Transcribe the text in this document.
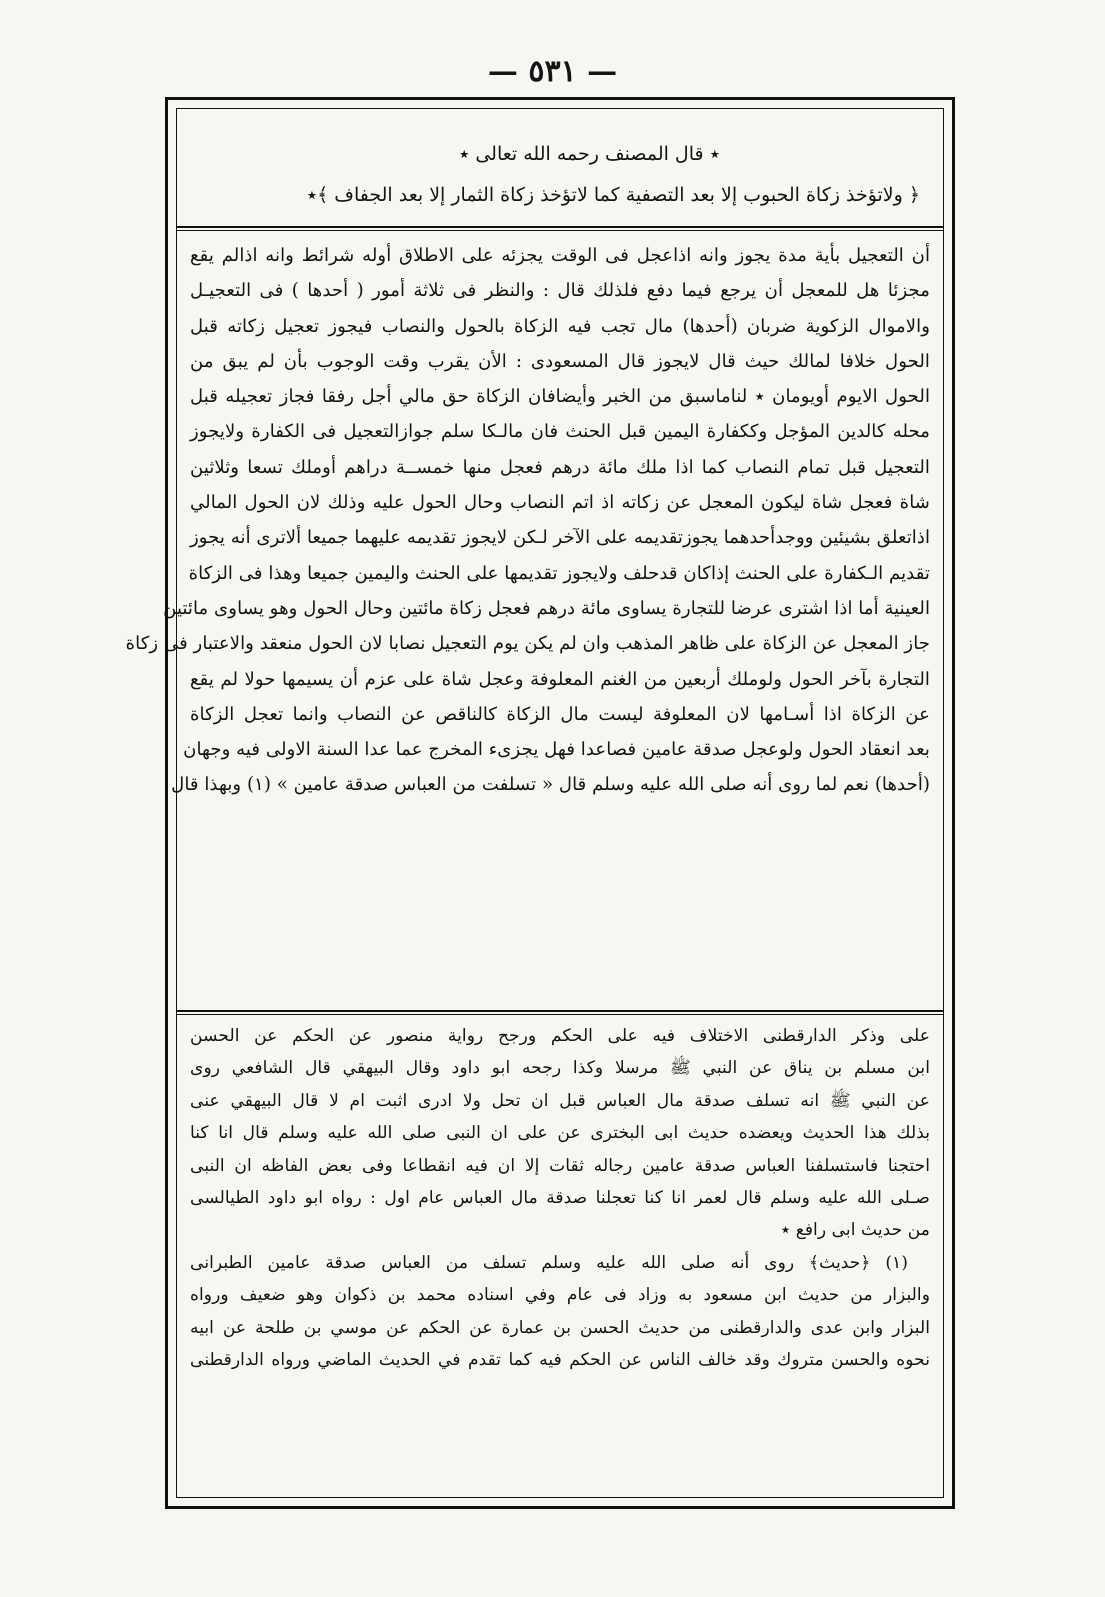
— ٥٣١ —
٭ قال المصنف رحمه الله تعالى ٭
﴿ ولاتؤخذ زكاة الحبوب إلا بعد التصفية كما لاتؤخذ زكاة الثمار إلا بعد الجفاف ﴾٭
أن التعجيل بأية مدة يجوز وانه اذاعجل فى الوقت يجزئه على الاطلاق أوله شرائط وانه اذالم يقع
مجزئا هل للمعجل أن يرجع فيما دفع فلذلك قال : والنظر فى ثلاثة أمور ( أحدها ) فى التعجيـل
والاموال الزكوية ضربان (أحدها) مال تجب فيه الزكاة بالحول والنصاب فيجوز تعجيل زكاته قبل
الحول خلافا لمالك حيث قال لايجوز قال المسعودى : الأن يقرب وقت الوجوب بأن لم يبق من
الحول الايوم أويومان ٭ لناماسبق من الخبر وأيضافان الزكاة حق مالي أجل رفقا فجاز تعجيله قبل
محله كالدين المؤجل وككفارة اليمين قبل الحنث فان مالـكا سلم جوازالتعجيل فى الكفارة ولايجوز
التعجيل قبل تمام النصاب كما اذا ملك مائة درهم فعجل منها خمســة دراهم أوملك تسعا وثلاثين
شاة فعجل شاة ليكون المعجل عن زكاته اذ اتم النصاب وحال الحول عليه وذلك لان الحول المالي
اذاتعلق بشيئين ووجدأحدهما يجوزتقديمه على الآخر لـكن لايجوز تقديمه عليهما جميعا ألاترى أنه يجوز
تقديم الـكفارة على الحنث إذاكان قدحلف ولايجوز تقديمها على الحنث واليمين جميعا وهذا فى الزكاة
العينية أما اذا اشترى عرضا للتجارة يساوى مائة درهم فعجل زكاة مائتين وحال الحول وهو يساوى مائتين
جاز المعجل عن الزكاة على ظاهر المذهب وان لم يكن يوم التعجيل نصابا لان الحول منعقد والاعتبار فى زكاة
التجارة بآخر الحول ولوملك أربعين من الغنم المعلوفة وعجل شاة على عزم أن يسيمها حولا لم يقع
عن الزكاة اذا أسـامها لان المعلوفة ليست مال الزكاة كالناقص عن النصاب وانما تعجل الزكاة
بعد انعقاد الحول ولوعجل صدقة عامين فصاعدا فهل يجزىء المخرج عما عدا السنة الاولى فيه وجهان
(أحدها) نعم لما روى أنه صلى الله عليه وسلم قال « تسلفت من العباس صدقة عامين » (١) وبهذا قال
على وذكر الدارقطنى الاختلاف فيه على الحكم ورجح رواية منصور عن الحكم عن الحسن
ابن مسلم بن يناق عن النبي ﷺ مرسلا وكذا رجحه ابو داود وقال البيهقي قال الشافعي روى
عن النبي ﷺ انه تسلف صدقة مال العباس قبل ان تحل ولا ادرى اثبت ام لا قال البيهقي عنى
بذلك هذا الحديث ويعضده حديث ابى البخترى عن على ان النبى صلى الله عليه وسلم قال انا كنا
احتجنا فاستسلفنا العباس صدقة عامين رجاله ثقات إلا ان فيه انقطاعا وفى بعض الفاظه ان النبى
صـلى الله عليه وسلم قال لعمر انا كنا تعجلنا صدقة مال العباس عام اول : رواه ابو داود الطيالسى
من حديث ابى رافع ٭
(١) ﴿حديث﴾ روى أنه صلى الله عليه وسلم تسلف من العباس صدقة عامين الطبرانى
والبزار من حديث ابن مسعود به وزاد فى عام وفي اسناده محمد بن ذكوان وهو ضعيف ورواه
البزار وابن عدى والدارقطنى من حديث الحسن بن عمارة عن الحكم عن موسي بن طلحة عن ابيه
نحوه والحسن متروك وقد خالف الناس عن الحكم فيه كما تقدم في الحديث الماضي ورواه الدارقطنى
